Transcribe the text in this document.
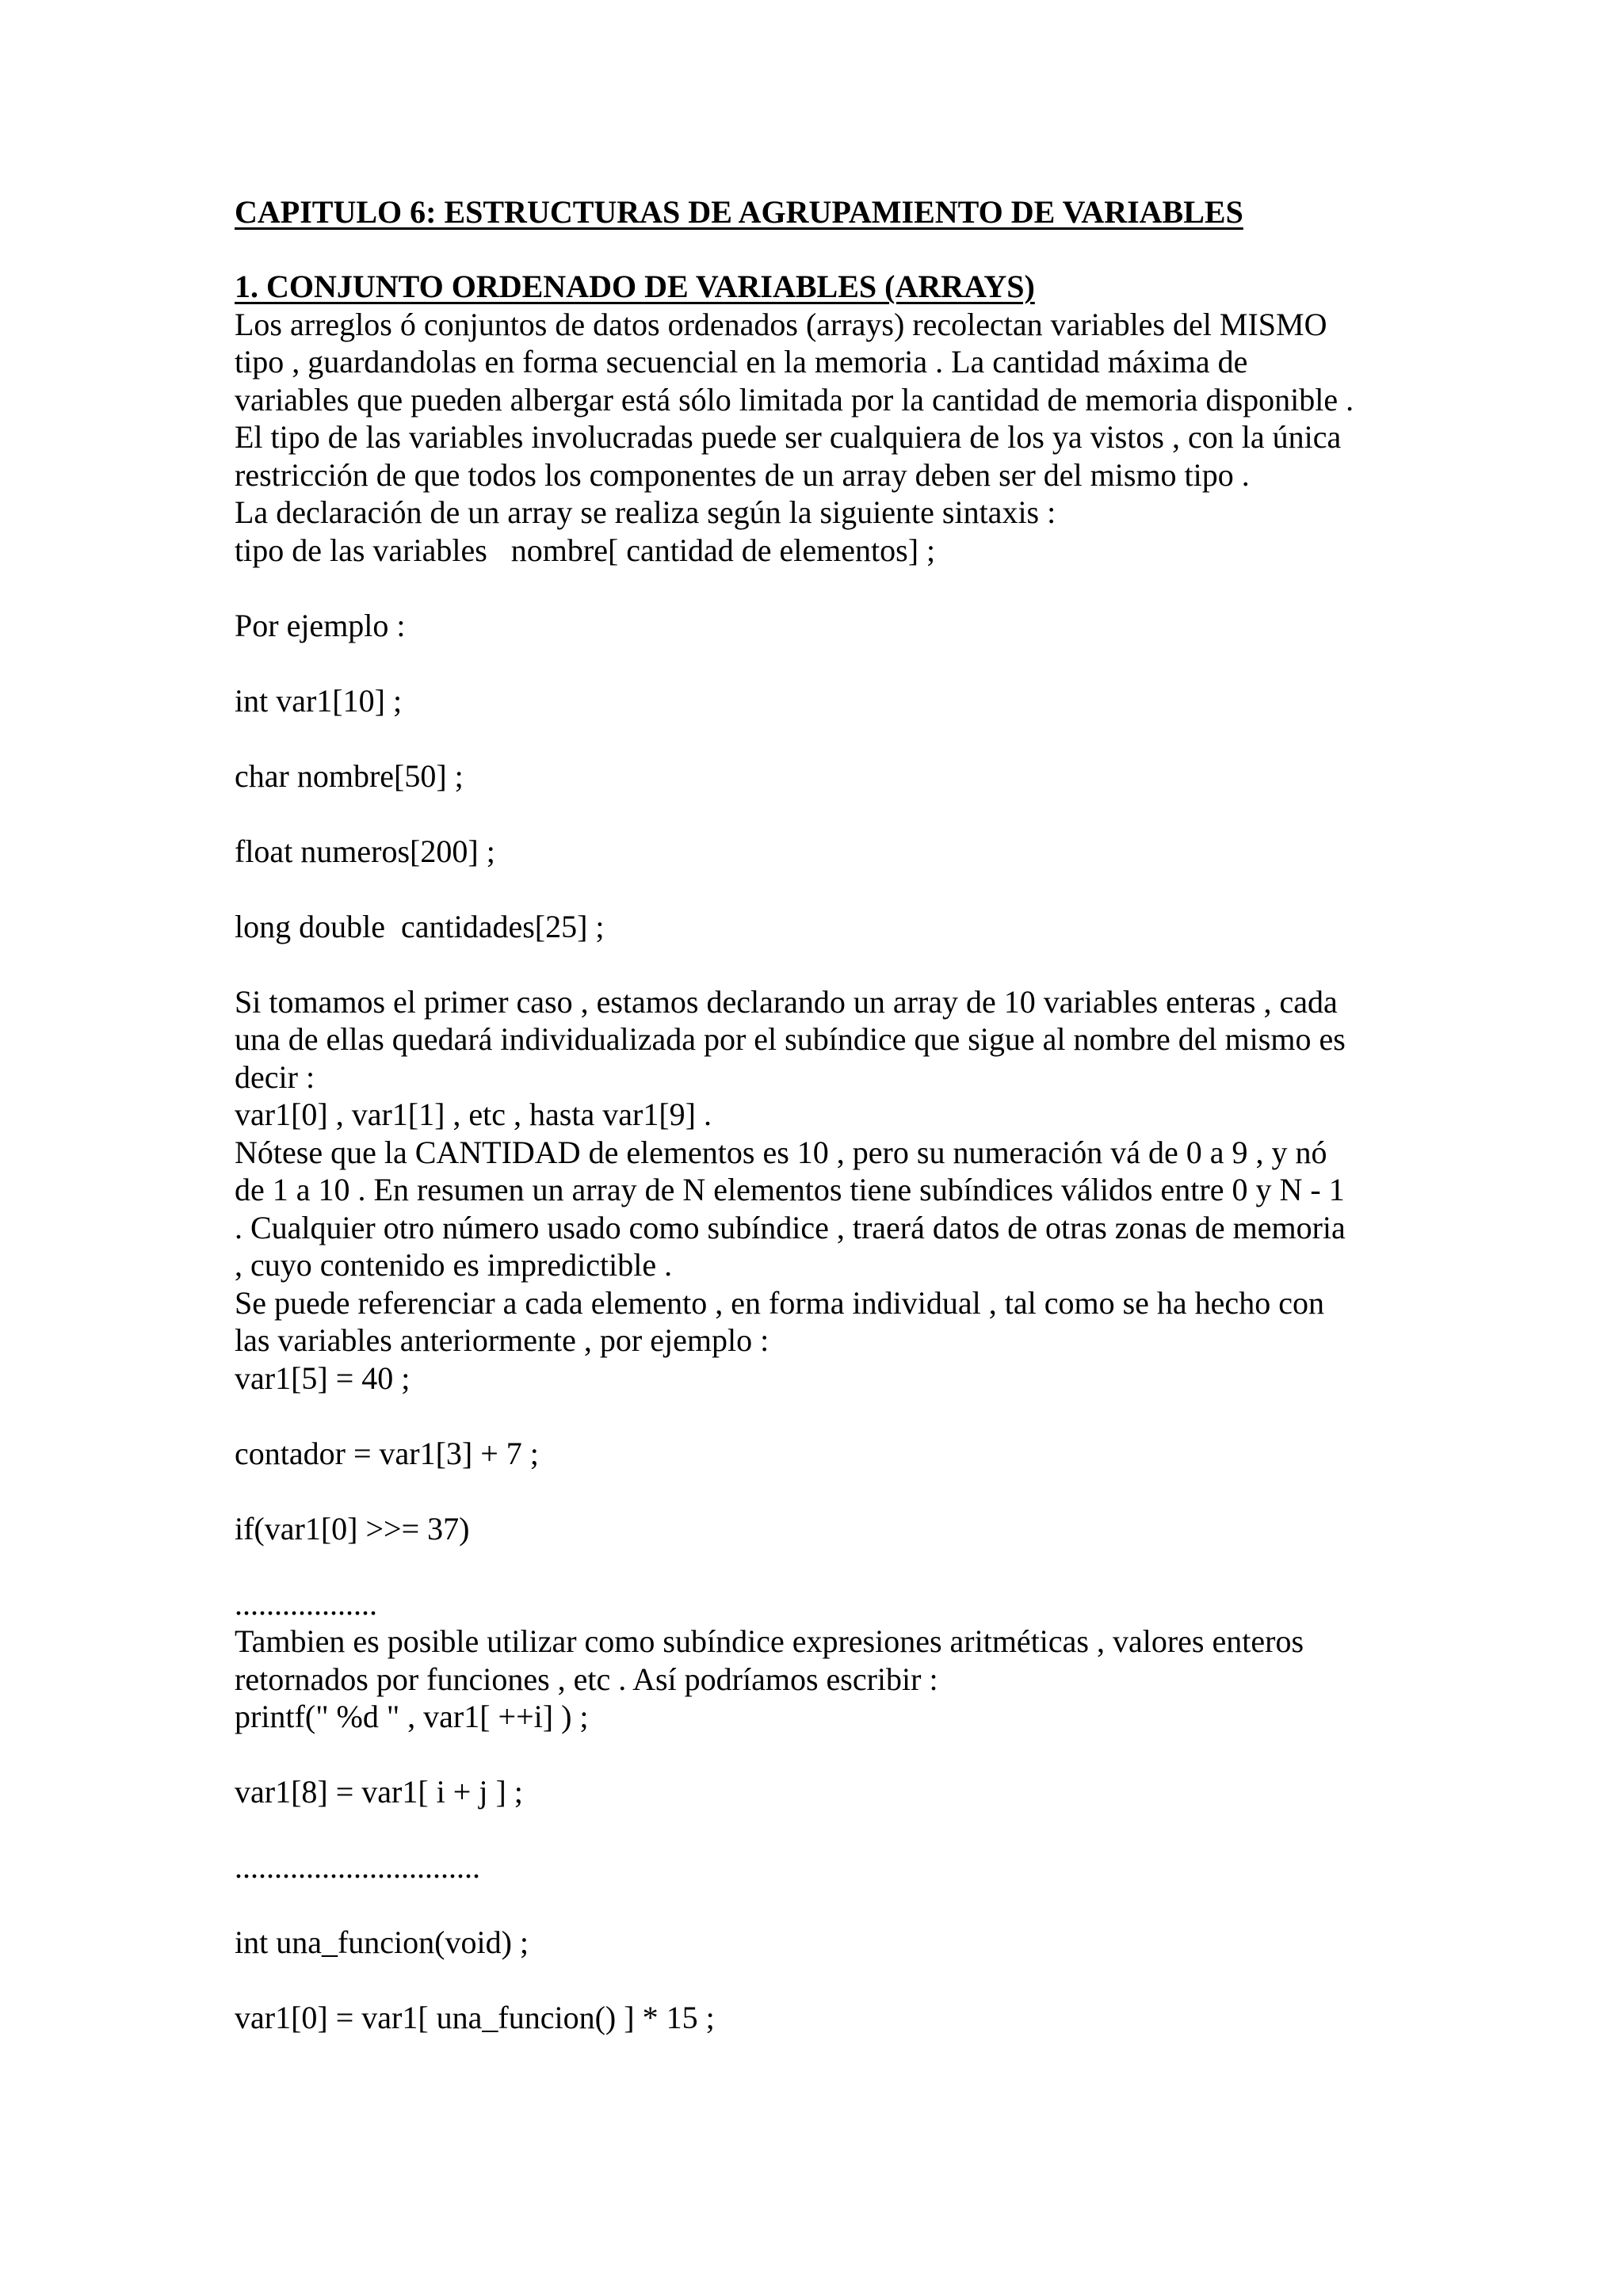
CAPITULO 6: ESTRUCTURAS DE AGRUPAMIENTO DE VARIABLES
1. CONJUNTO ORDENADO DE VARIABLES (ARRAYS)
Los arreglos ó conjuntos de datos ordenados (arrays) recolectan variables del MISMO
tipo , guardandolas en forma secuencial en la memoria . La cantidad máxima de
variables que pueden albergar está sólo limitada por la cantidad de memoria disponible .
El tipo de las variables involucradas puede ser cualquiera de los ya vistos , con la única
restricción de que todos los componentes de un array deben ser del mismo tipo .
La declaración de un array se realiza según la siguiente sintaxis :
tipo de las variables   nombre[ cantidad de elementos] ;
Por ejemplo :
int var1[10] ;
char nombre[50] ;
float numeros[200] ;
long double  cantidades[25] ;
Si tomamos el primer caso , estamos declarando un array de 10 variables enteras , cada
una de ellas quedará individualizada por el subíndice que sigue al nombre del mismo es
decir :
var1[0] , var1[1] , etc , hasta var1[9] .
Nótese que la CANTIDAD de elementos es 10 , pero su numeración vá de 0 a 9 , y nó
de 1 a 10 . En resumen un array de N elementos tiene subíndices válidos entre 0 y N - 1
. Cualquier otro número usado como subíndice , traerá datos de otras zonas de memoria
, cuyo contenido es impredictible .
Se puede referenciar a cada elemento , en forma individual , tal como se ha hecho con
las variables anteriormente , por ejemplo :
var1[5] = 40 ;
contador = var1[3] + 7 ;
if(var1[0] >>= 37)
..................
Tambien es posible utilizar como subíndice expresiones aritméticas , valores enteros
retornados por funciones , etc . Así podríamos escribir :
printf(" %d " , var1[ ++i] ) ;
var1[8] = var1[ i + j ] ;
...............................
int una_funcion(void) ;
var1[0] = var1[ una_funcion() ] * 15 ;
